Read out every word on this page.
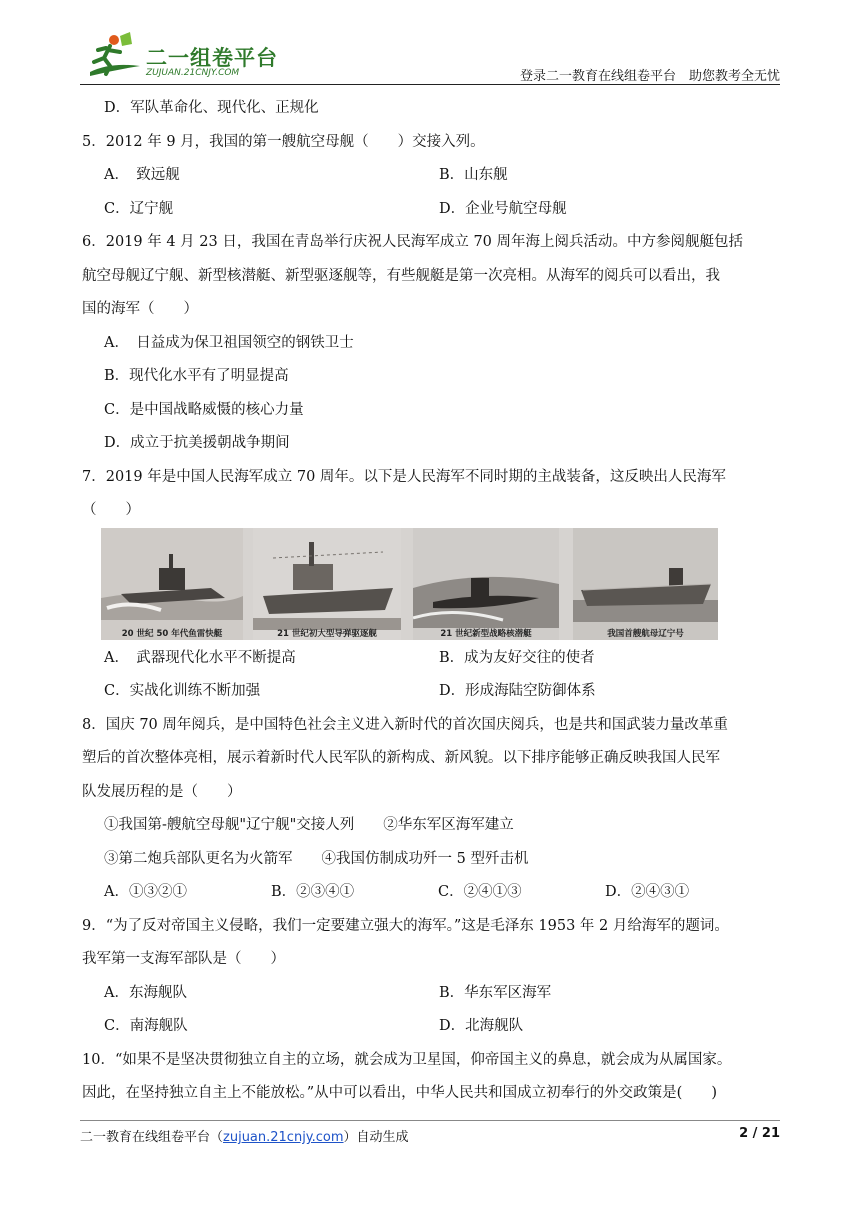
二一组卷平台
ZUJUAN.21CNJY.COM	登录二一教育在线组卷平台　助您教考全无忧
D．军队革命化、现代化、正规化
5．2012 年 9 月，我国的第一艘航空母舰（　　）交接入列。
A．　致远舰	B．山东舰
C．辽宁舰	D．企业号航空母舰
6．2019 年 4 月 23 日，我国在青岛举行庆祝人民海军成立 70 周年海上阅兵活动。中方参阅舰艇包括
航空母舰辽宁舰、新型核潜艇、新型驱逐舰等，有些舰艇是第一次亮相。从海军的阅兵可以看出，我
国的海军（　　）
A．　日益成为保卫祖国领空的钢铁卫士
B．现代化水平有了明显提高
C．是中国战略威慑的核心力量
D．成立于抗美援朝战争期间
7．2019 年是中国人民海军成立 70 周年。以下是人民海军不同时期的主战装备，这反映出人民海军
（　　）
20 世纪 50 年代鱼雷快艇	21 世纪初大型导弹驱逐舰	21 世纪新型战略核潜艇	我国首艘航母辽宁号
A．　武器现代化水平不断提高	B．成为友好交往的使者
C．实战化训练不断加强	D．形成海陆空防御体系
8．国庆 70 周年阅兵，是中国特色社会主义进入新时代的首次国庆阅兵，也是共和国武装力量改革重
塑后的首次整体亮相，展示着新时代人民军队的新构成、新风貌。以下排序能够正确反映我国人民军
队发展历程的是（　　）
①我国第-艘航空母舰"辽宁舰"交接人列　　②华东军区海军建立
③第二炮兵部队更名为火箭军　　④我国仿制成功歼一 5 型歼击机
A．①③②①	B．②③④①	C．②④①③	D．②④③①
9．“为了反对帝国主义侵略，我们一定要建立强大的海军。”这是毛泽东 1953 年 2 月给海军的题词。
我军第一支海军部队是（　　）
A．东海舰队	B．华东军区海军
C．南海舰队	D．北海舰队
10．“如果不是坚决贯彻独立自主的立场，就会成为卫星国，仰帝国主义的鼻息，就会成为从属国家。
因此，在坚持独立自主上不能放松。”从中可以看出，中华人民共和国成立初奉行的外交政策是(　　)
二一教育在线组卷平台（zujuan.21cnjy.com）自动生成	2 / 21
